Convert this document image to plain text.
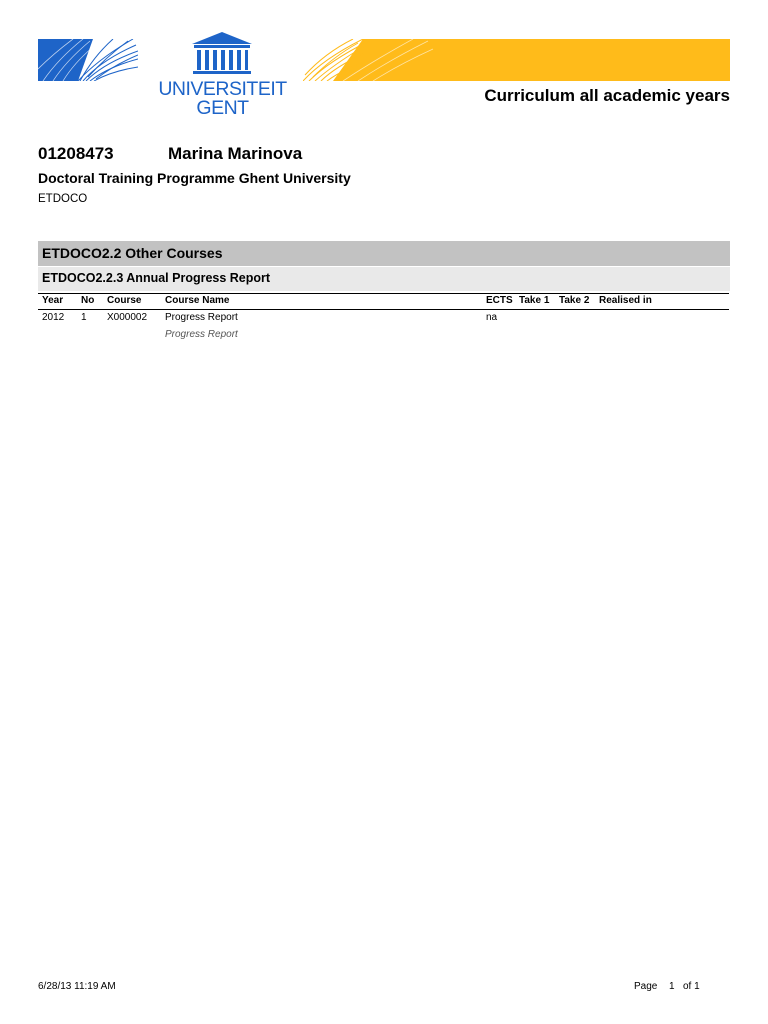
UNIVERSITEIT
GENT
Curriculum all academic years
01208473	Marina Marinova
Doctoral Training Programme Ghent University
ETDOCO
ETDOCO2.2 Other Courses
ETDOCO2.2.3 Annual Progress Report
Year No Course Course Name	ECTS Take 1 Take 2 Realised in
2012 1 X000002 Progress Report	na
Progress Report
6/28/13 11:19 AM	Page 1 of 1
